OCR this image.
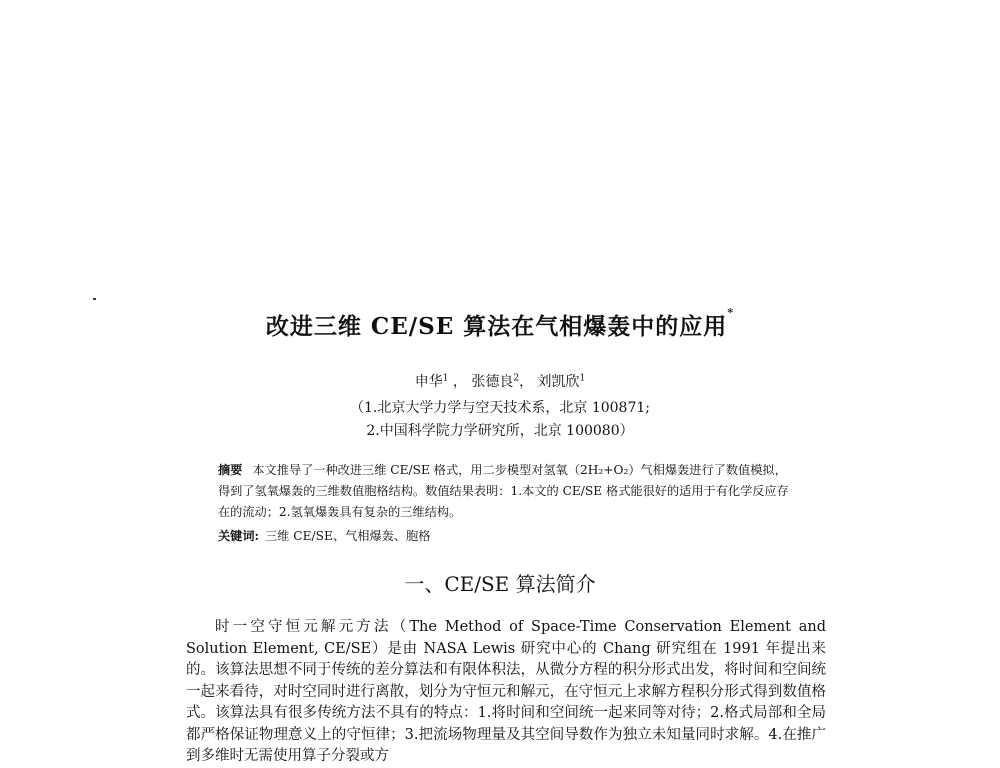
改进三维 CE/SE 算法在气相爆轰中的应用*
申华$^1$ ， 张德良$^2$， 刘凯欣$^1$
（1.北京大学力学与空天技术系，北京 100871;
2.中国科学院力学研究所，北京 100080）
摘要 本文推导了一种改进三维 CE/SE 格式，用二步模型对氢氧（2H₂+O₂）气相爆轰进行了数值模拟，得到了氢氧爆轰的三维数值胞格结构。数值结果表明：1.本文的 CE/SE 格式能很好的适用于有化学反应存在的流动；2.氢氧爆轰具有复杂的三维结构。
关键词: 三维 CE/SE、气相爆轰、胞格
一、CE/SE 算法简介
时一空守恒元解元方法（The Method of Space-Time Conservation Element and Solution Element, CE/SE）是由 NASA Lewis 研究中心的 Chang 研究组在 1991 年提出来的。该算法思想不同于传统的差分算法和有限体积法，从微分方程的积分形式出发，将时间和空间统一起来看待，对时空同时进行离散，划分为守恒元和解元，在守恒元上求解方程积分形式得到数值格式。该算法具有很多传统方法不具有的特点：1.将时间和空间统一起来同等对待；2.格式局部和全局都严格保证物理意义上的守恒律；3.把流场物理量及其空间导数作为独立未知量同时求解。4.在推广到多维时无需使用算子分裂或方
